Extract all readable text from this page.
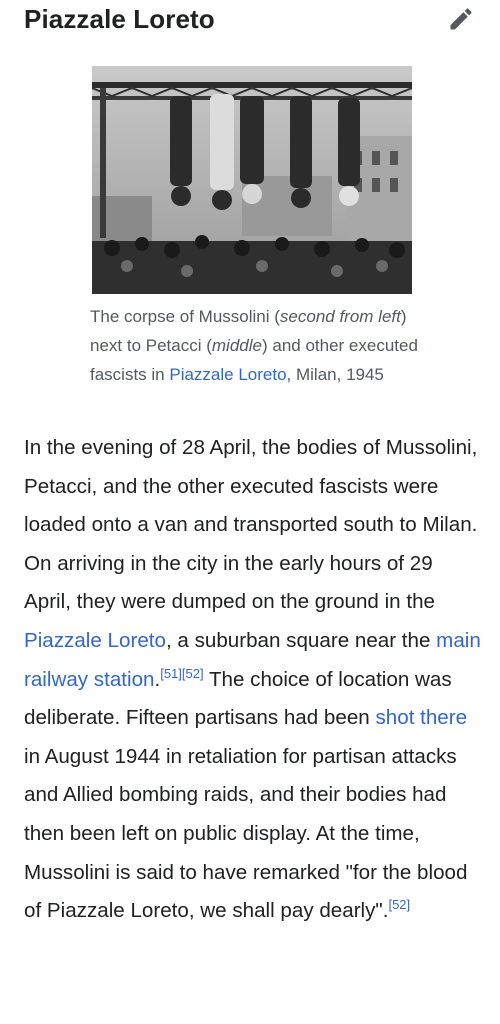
Piazzale Loreto
The corpse of Mussolini (second from left) next to Petacci (middle) and other executed fascists in Piazzale Loreto, Milan, 1945
In the evening of 28 April, the bodies of Mussolini, Petacci, and the other executed fascists were loaded onto a van and transported south to Milan. On arriving in the city in the early hours of 29 April, they were dumped on the ground in the Piazzale Loreto, a suburban square near the main railway station.[51][52] The choice of location was deliberate. Fifteen partisans had been shot there in August 1944 in retaliation for partisan attacks and Allied bombing raids, and their bodies had then been left on public display. At the time, Mussolini is said to have remarked "for the blood of Piazzale Loreto, we shall pay dearly".[52]
